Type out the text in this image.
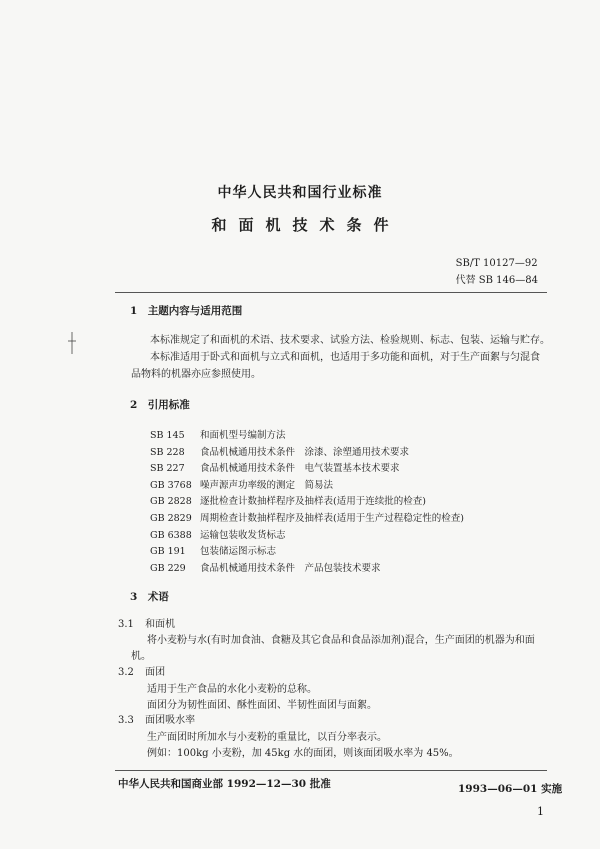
中华人民共和国行业标准
和面机技术条件
SB/T 10127—92
代替 SB 146—84
1　主题内容与适用范围
本标准规定了和面机的术语、技术要求、试验方法、检验规则、标志、包装、运输与贮存。
本标准适用于卧式和面机与立式和面机，也适用于多功能和面机，对于生产面絮与匀混食
品物料的机器亦应参照使用。
2　引用标准
SB 145 和面机型号编制方法
SB 228 食品机械通用技术条件　涂漆、涂塑通用技术要求
SB 227 食品机械通用技术条件　电气装置基本技术要求
GB 3768 噪声源声功率级的测定　简易法
GB 2828 逐批检查计数抽样程序及抽样表(适用于连续批的检查)
GB 2829 周期检查计数抽样程序及抽样表(适用于生产过程稳定性的检查)
GB 6388 运输包装收发货标志
GB 191 包装储运图示标志
GB 229 食品机械通用技术条件　产品包装技术要求
3　术语
3.1 和面机
将小麦粉与水(有时加食油、食糖及其它食品和食品添加剂)混合，生产面团的机器为和面
机。
3.2 面团
适用于生产食品的水化小麦粉的总称。
面团分为韧性面团、酥性面团、半韧性面团与面絮。
3.3 面团吸水率
生产面团时所加水与小麦粉的重量比，以百分率表示。
例如：100kg 小麦粉，加 45kg 水的面团，则该面团吸水率为 45%。
中华人民共和国商业部 1992—12—30 批准	1993—06—01 实施
1
